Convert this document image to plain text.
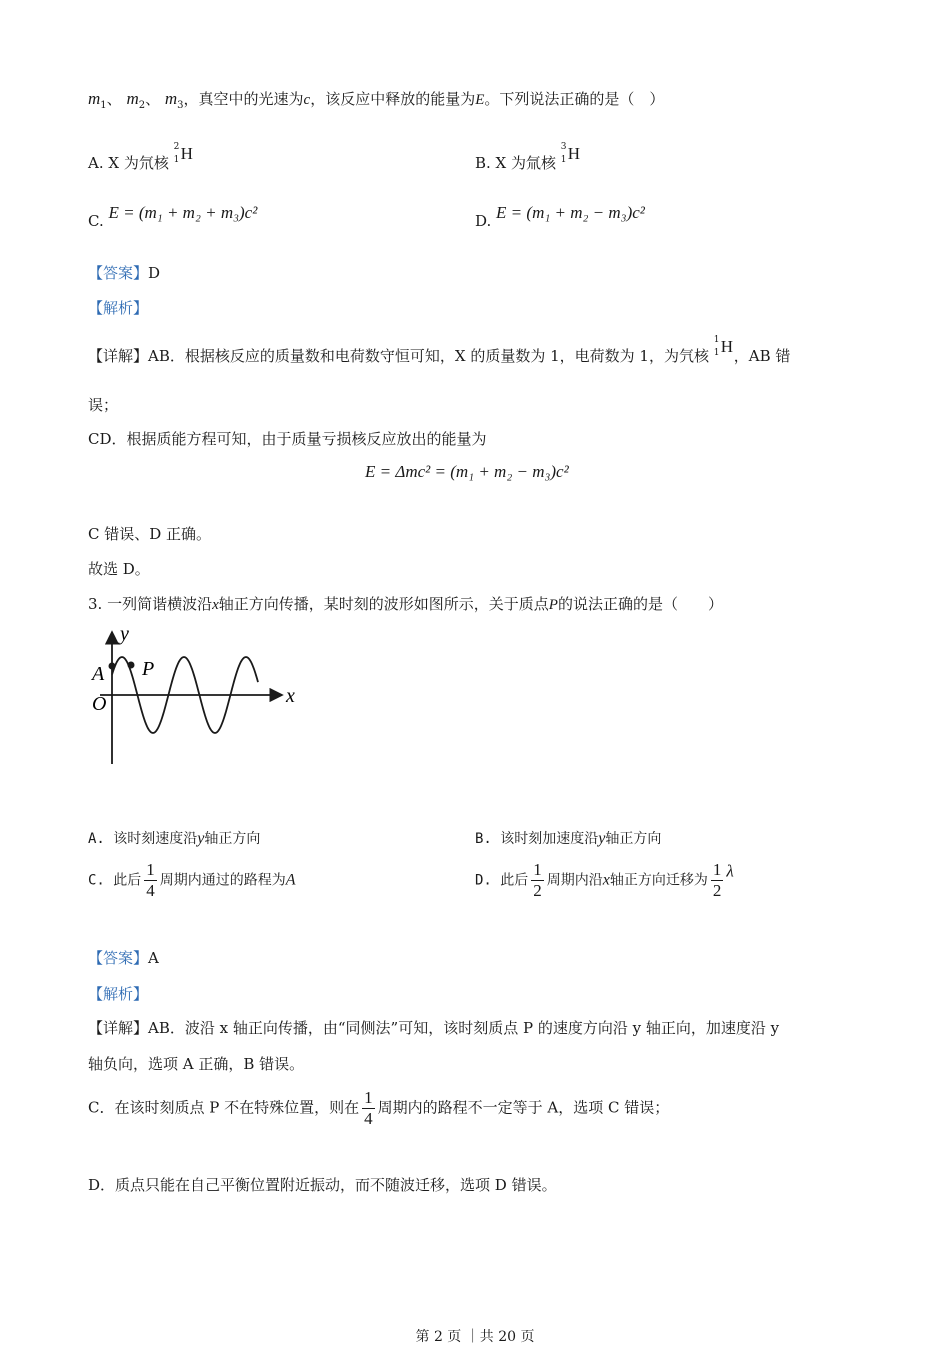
$m_1$、 $m_2$、 $m_3$，真空中的光速为c，该反应中释放的能量为E。下列说法正确的是（　）
A. X 为氘核
2
1 H	B. X 为氚核
3
1 H
C. E = (m₁ + m₂ + m₃)c²	D. E = (m₁ + m₂ − m₃)c²
【答案】D
【解析】
【详解】AB．根据核反应的质量数和电荷数守恒可知，X 的质量数为 1，电荷数为 1，为氕核
1
1 H ，AB 错
误；
CD．根据质能方程可知，由于质量亏损核反应放出的能量为
E = Δmc² = (m₁ + m₂ − m₃)c²
C 错误、D 正确。
故选 D。
3. 一列简谐横波沿x轴正方向传播，某时刻的波形如图所示，关于质点P的说法正确的是（　　）
y
x
O
A P
A. 该时刻速度沿y轴正方向	B. 该时刻加速度沿y轴正方向
C. 此后 $\frac{1}{4}$ 周期内通过的路程为A	D. 此后 $\frac{1}{2}$ 周期内沿x轴正方向迁移为 $\frac{1}{2}$ λ
【答案】A
【解析】
【详解】AB．波沿 x 轴正向传播，由“同侧法”可知，该时刻质点 P 的速度方向沿 y 轴正向，加速度沿 y
轴负向，选项 A 正确，B 错误。
C．在该时刻质点 P 不在特殊位置，则在 $\frac{1}{4}$ 周期内的路程不一定等于 A，选项 C 错误；
D．质点只能在自己平衡位置附近振动，而不随波迁移，选项 D 错误。
第 2 页 ｜共 20 页
